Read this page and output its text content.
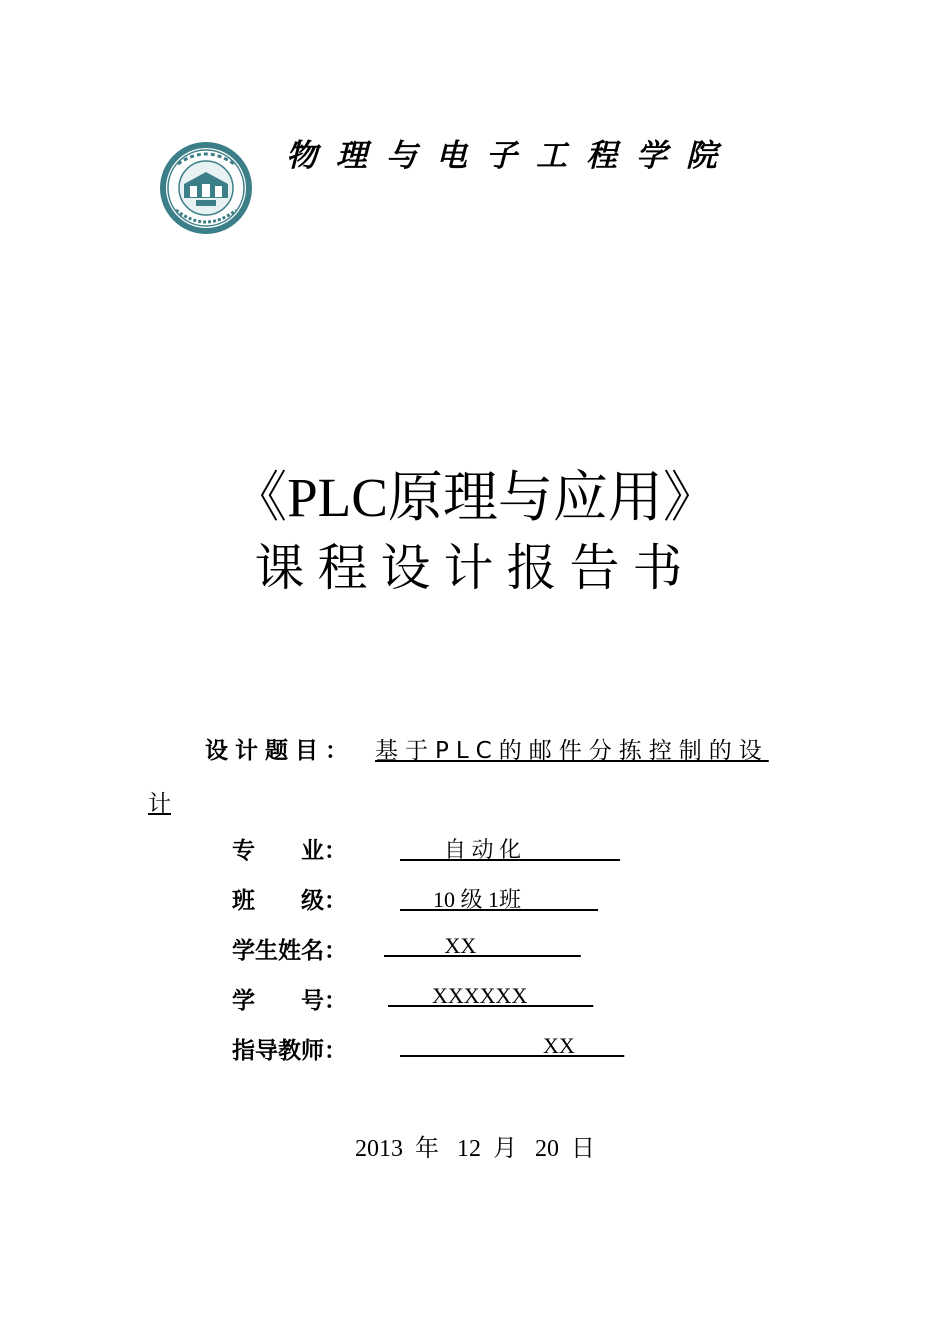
物理与电子工程学院
《PLC原理与应用》
课程设计报告书
设计题目： 基于PLC的邮件分拣控制的设
计
专　　业： 自 动 化
班　　级： 10 级 1班
学生姓名： XX
学　　号： XXXXXX
指导教师： XX
2013  年   12  月   20  日
